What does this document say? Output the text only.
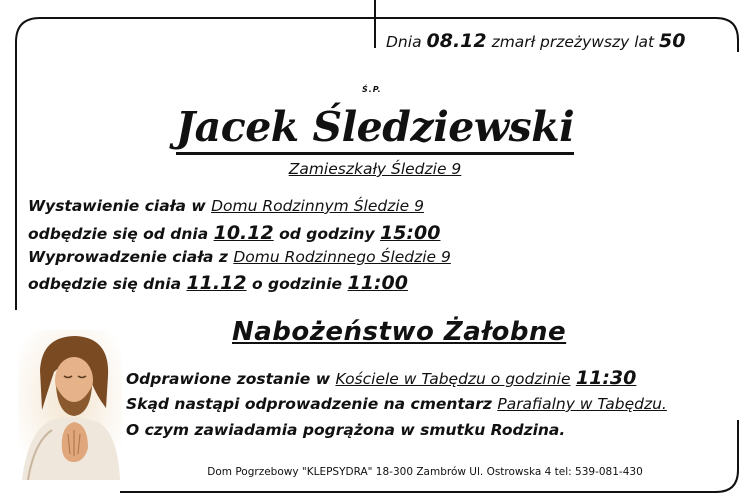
Dnia 08.12 zmarł przeżywszy lat 50
Ś.P.
Jacek Śledziewski
Zamieszkały Śledzie 9
Wystawienie ciała w Domu Rodzinnym Śledzie 9
odbędzie się od dnia 10.12 od godziny 15:00
Wyprowadzenie ciała z Domu Rodzinnego Śledzie 9
odbędzie się dnia 11.12 o godzinie 11:00
Nabożeństwo Żałobne
Odprawione zostanie w Kościele w Tabędzu o godzinie 11:30
Skąd nastąpi odprowadzenie na cmentarz Parafialny w Tabędzu.
O czym zawiadamia pogrążona w smutku Rodzina.
Dom Pogrzebowy "KLEPSYDRA" 18-300 Zambrów Ul. Ostrowska 4 tel: 539-081-430
